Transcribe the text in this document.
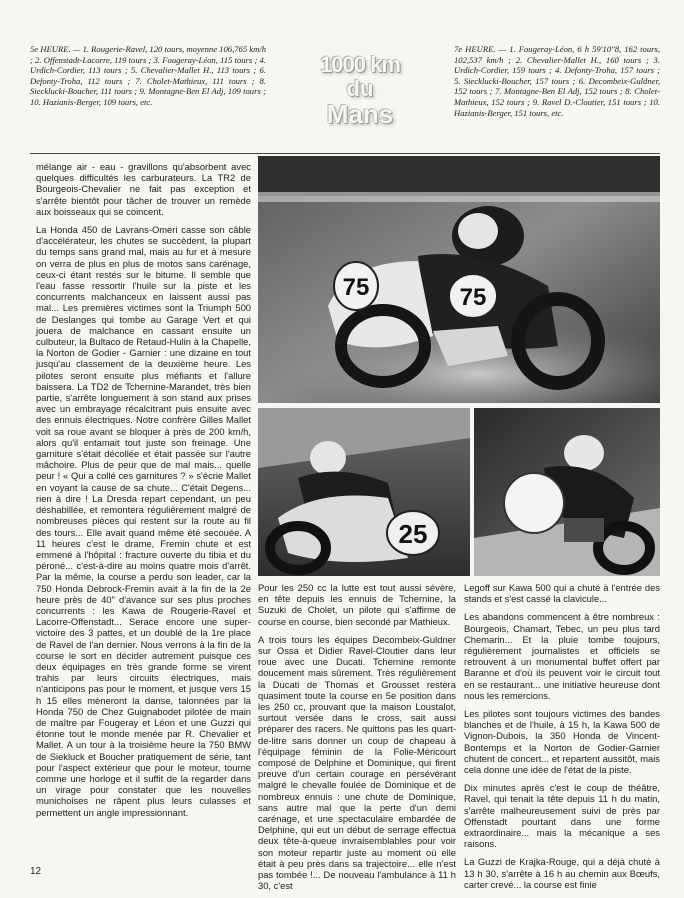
5e HEURE. — 1. Rougerie-Ravel, 120 tours, moyenne 106,765 km/h ; 2. Offenstadt-Lacorre, 119 tours ; 3. Fougeray-Léon, 115 tours ; 4. Urdich-Cordier, 113 tours ; 5. Chevalier-Mallet H., 113 tours ; 6. Defonty-Troha, 112 tours ; 7. Cholet-Mathieux, 111 tours ; 8. Siecklucki-Boucher, 111 tours ; 9. Montagne-Ben El Adj, 109 tours ; 10. Hazianis-Berger, 109 tours, etc.
1000 km
du
Mans
7e HEURE. — 1. Fougeray-Léon, 6 h 59'10"8, 162 tours, 102,537 km/h ; 2. Chevalier-Mallet H., 160 tours ; 3. Urdich-Cordier, 159 tours ; 4. Defonty-Troha, 157 tours ; 5. Siecklucki-Boucher, 157 tours ; 6. Decombeix-Guldner, 152 tours ; 7. Montagne-Ben El Adj, 152 tours ; 8. Cholet-Mathieux, 152 tours ; 9. Ravel D.-Cloutier, 151 tours ; 10. Hazianis-Berger, 151 tours, etc.

mélange air - eau - gravillons qu'absorbent avec quelques difficultés les carburateurs. La TR2 de Bourgeois-Chevalier ne fait pas exception et s'arrête bientôt pour tâcher de trouver un remède aux boisseaux qui se coincent.

La Honda 450 de Lavrans-Omeri casse son câble d'accélérateur, les chutes se succèdent, la plupart du temps sans grand mal, mais au fur et à mesure on verra de plus en plus de motos sans carénage, ceux-ci étant restés sur le bitume. Il semble que l'eau fasse ressortir l'huile sur la piste et les concurrents malchanceux en laissent aussi pas mal... Les premières victimes sont la Triumph 500 de Deslanges qui tombe au Garage Vert et qui jouera de malchance en cassant ensuite un culbuteur, la Bultaco de Retaud-Hulin à la Chapelle, la Norton de Godier - Garnier : une dizaine en tout jusqu'au classement de la deuxième heure. Les pilotes seront ensuite plus méfiants et l'allure baissera. La TD2 de Tchernine-Marandet, très bien partie, s'arrête longuement à son stand aux prises avec un embrayage récalcitrant puis ensuite avec des ennuis électriques. Notre confrère Gilles Mallet voit sa roue avant se bloquer à près de 200 km/h, alors qu'il entamait tout juste son freinage. Une garniture s'était décollée et était passée sur l'autre mâchoire. Plus de peur que de mal mais... quelle peur ! « Qui a collé ces garnitures ? » s'écrie Mallet en voyant la cause de sa chute... C'était Degens... rien à dire ! La Dresda repart cependant, un peu déshabillée, et remontera régulièrement malgré de nombreuses pièces qui restent sur la route au fil des tours... Elle avait quand même été secouée. A 11 heures c'est le drame, Fremin chute et est emmené à l'hôpital : fracture ouverte du tibia et du péroné... c'est-à-dire au moins quatre mois d'arrêt. Par la même, la course a perdu son leader, car la 750 Honda Debrock-Fremin avait à la fin de la 2e heure près de 40" d'avance sur ses plus proches concurrents : les Kawa de Rougerie-Ravel et Lacorre-Offenstadt... Serace encore une super-victoire des 3 pattes, et un doublé de la 1re place de Ravel de l'an dernier. Nous verrons à la fin de la course le sort en décider autrement puisque ces deux équipages en très grande forme se virent trahis par leurs circuits électriques, mais n'anticipons pas pour le moment, et jusque vers 15 h 15 elles mèneront la danse, talonnées par la Honda 750 de Chez Guignabodet pilotée de main de maître par Fougeray et Léon et une Guzzi qui étonne tout le monde menée par R. Chevalier et Mallet. A un tour à la troisième heure la 750 BMW de Siekluck et Boucher pratiquement de série, tant pour l'aspect extérieur que pour le moteur, tourne comme une horloge et il suffit de la regarder dans un virage pour constater que les nouvelles munichoises ne râpent plus leurs culasses et permettent un angle impressionnant.

75	75
25

Pour les 250 cc la lutte est tout aussi sévère, en tête depuis les ennuis de Tchernine, la Suzuki de Cholet, un pilote qui s'affirme de course en course, bien secondé par Mathieux.

A trois tours les équipes Decombeix-Guldner sur Ossa et Didier Ravel-Cloutier dans leur roue avec une Ducati. Tchernine remonte doucement mais sûrement. Très régulièrement la Ducati de Thomas et Grousset restera quasiment toute la course en 5e position dans les 250 cc, prouvant que la maison Loustalot, surtout versée dans le cross, sait aussi préparer des racers. Ne quittons pas les quart-de-litre sans donner un coup de chapeau à l'équipage féminin de la Folie-Méricourt composé de Delphine et Dominique, qui firent preuve d'un certain courage en persévérant malgré le chevalle foulée de Dominique et de nombreux ennuis : une chute de Dominique, sans autre mal que la perte d'un demi carénage, et une spectaculaire embardée de Delphine, qui eut un début de serrage effectua deux tête-à-queue invraisemblables pour voir son moteur repartir juste au moment où elle était à peu près dans sa trajectoire... elle n'est pas tombée !... De nouveau l'ambulance à 11 h 30, c'est

Legoff sur Kawa 500 qui a chuté à l'entrée des stands et s'est cassé la clavicule...

Les abandons commencent à être nombreux : Bourgeois, Chamart, Tebec, un peu plus tard Chemarin... Et la pluie tombe toujours, régulièrement journalistes et officiels se retrouvent à un monumental buffet offert par Baranne et d'où ils peuvent voir le circuit tout en se restaurant... une initiative heureuse dont nous les remercions.

Les pilotes sont toujours victimes des bandes blanches et de l'huile, à 15 h, la Kawa 500 de Vignon-Dubois, la 350 Honda de Vincent-Bontemps et la Norton de Godier-Garnier chutent de concert... et repartent aussitôt, mais cela donne une idée de l'état de la piste.

Dix minutes après c'est le coup de théâtre, Ravel, qui tenait la tête depuis 11 h du matin, s'arrête malheureusement suivi de près par Offenstadt pourtant dans une forme extraordinaire... mais la mécanique a ses raisons.

La Guzzi de Krajka-Rouge, qui a déjà chuté à 13 h 30, s'arrête à 16 h au chemin aux Bœufs, carter crevé... la course est finie

12
